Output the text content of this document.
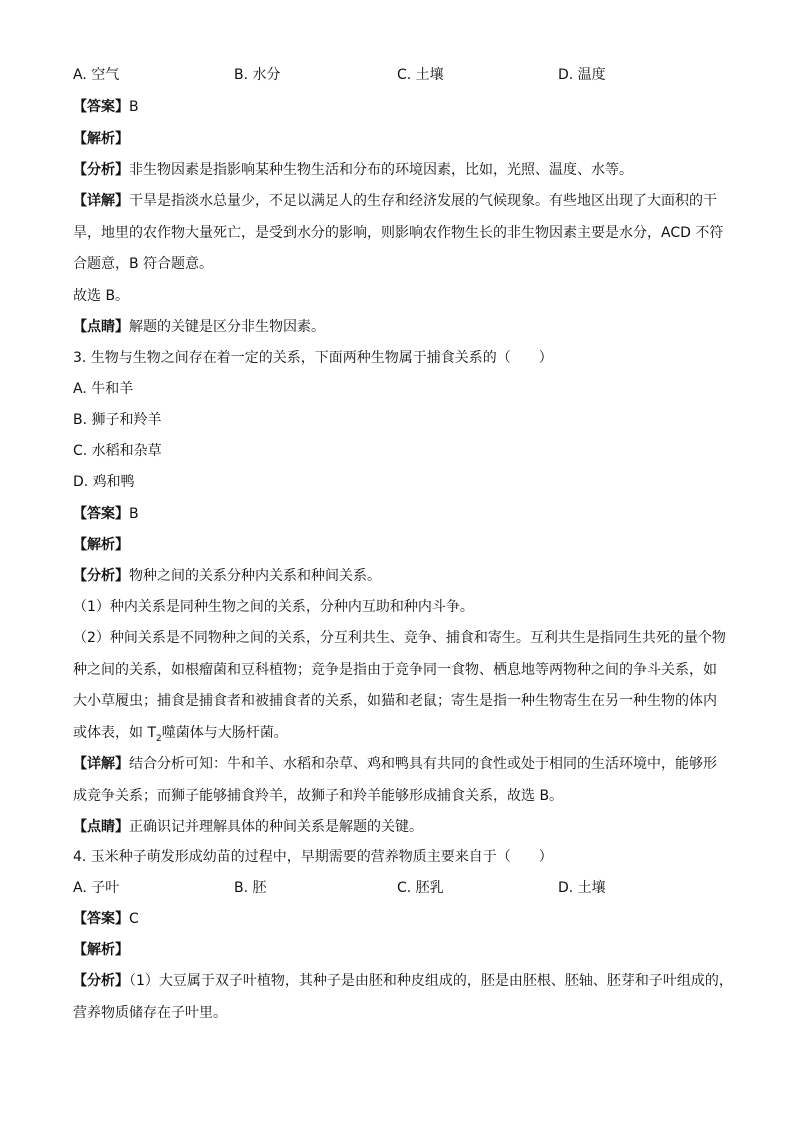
A. 空气	B. 水分	C. 土壤	D. 温度
【答案】B
【解析】
【分析】非生物因素是指影响某种生物生活和分布的环境因素，比如，光照、温度、水等。
【详解】干旱是指淡水总量少，不足以满足人的生存和经济发展的气候现象。有些地区出现了大面积的干
旱，地里的农作物大量死亡，是受到水分的影响，则影响农作物生长的非生物因素主要是水分，ACD 不符
合题意，B 符合题意。
故选 B。
【点睛】解题的关键是区分非生物因素。
3. 生物与生物之间存在着一定的关系，下面两种生物属于捕食关系的（　　）
A. 牛和羊
B. 狮子和羚羊
C. 水稻和杂草
D. 鸡和鸭
【答案】B
【解析】
【分析】物种之间的关系分种内关系和种间关系。
（1）种内关系是同种生物之间的关系，分种内互助和种内斗争。
（2）种间关系是不同物种之间的关系，分互利共生、竞争、捕食和寄生。互利共生是指同生共死的量个物
种之间的关系，如根瘤菌和豆科植物；竞争是指由于竞争同一食物、栖息地等两物种之间的争斗关系，如
大小草履虫；捕食是捕食者和被捕食者的关系，如猫和老鼠；寄生是指一种生物寄生在另一种生物的体内
或体表，如 $T_2$噬菌体与大肠杆菌。
【详解】结合分析可知：牛和羊、水稻和杂草、鸡和鸭具有共同的食性或处于相同的生活环境中，能够形
成竞争关系；而狮子能够捕食羚羊，故狮子和羚羊能够形成捕食关系，故选 B。
【点睛】正确识记并理解具体的种间关系是解题的关键。
4. 玉米种子萌发形成幼苗的过程中，早期需要的营养物质主要来自于（　　）
A. 子叶	B. 胚	C. 胚乳	D. 土壤
【答案】C
【解析】
【分析】（1）大豆属于双子叶植物，其种子是由胚和种皮组成的，胚是由胚根、胚轴、胚芽和子叶组成的，
营养物质储存在子叶里。
